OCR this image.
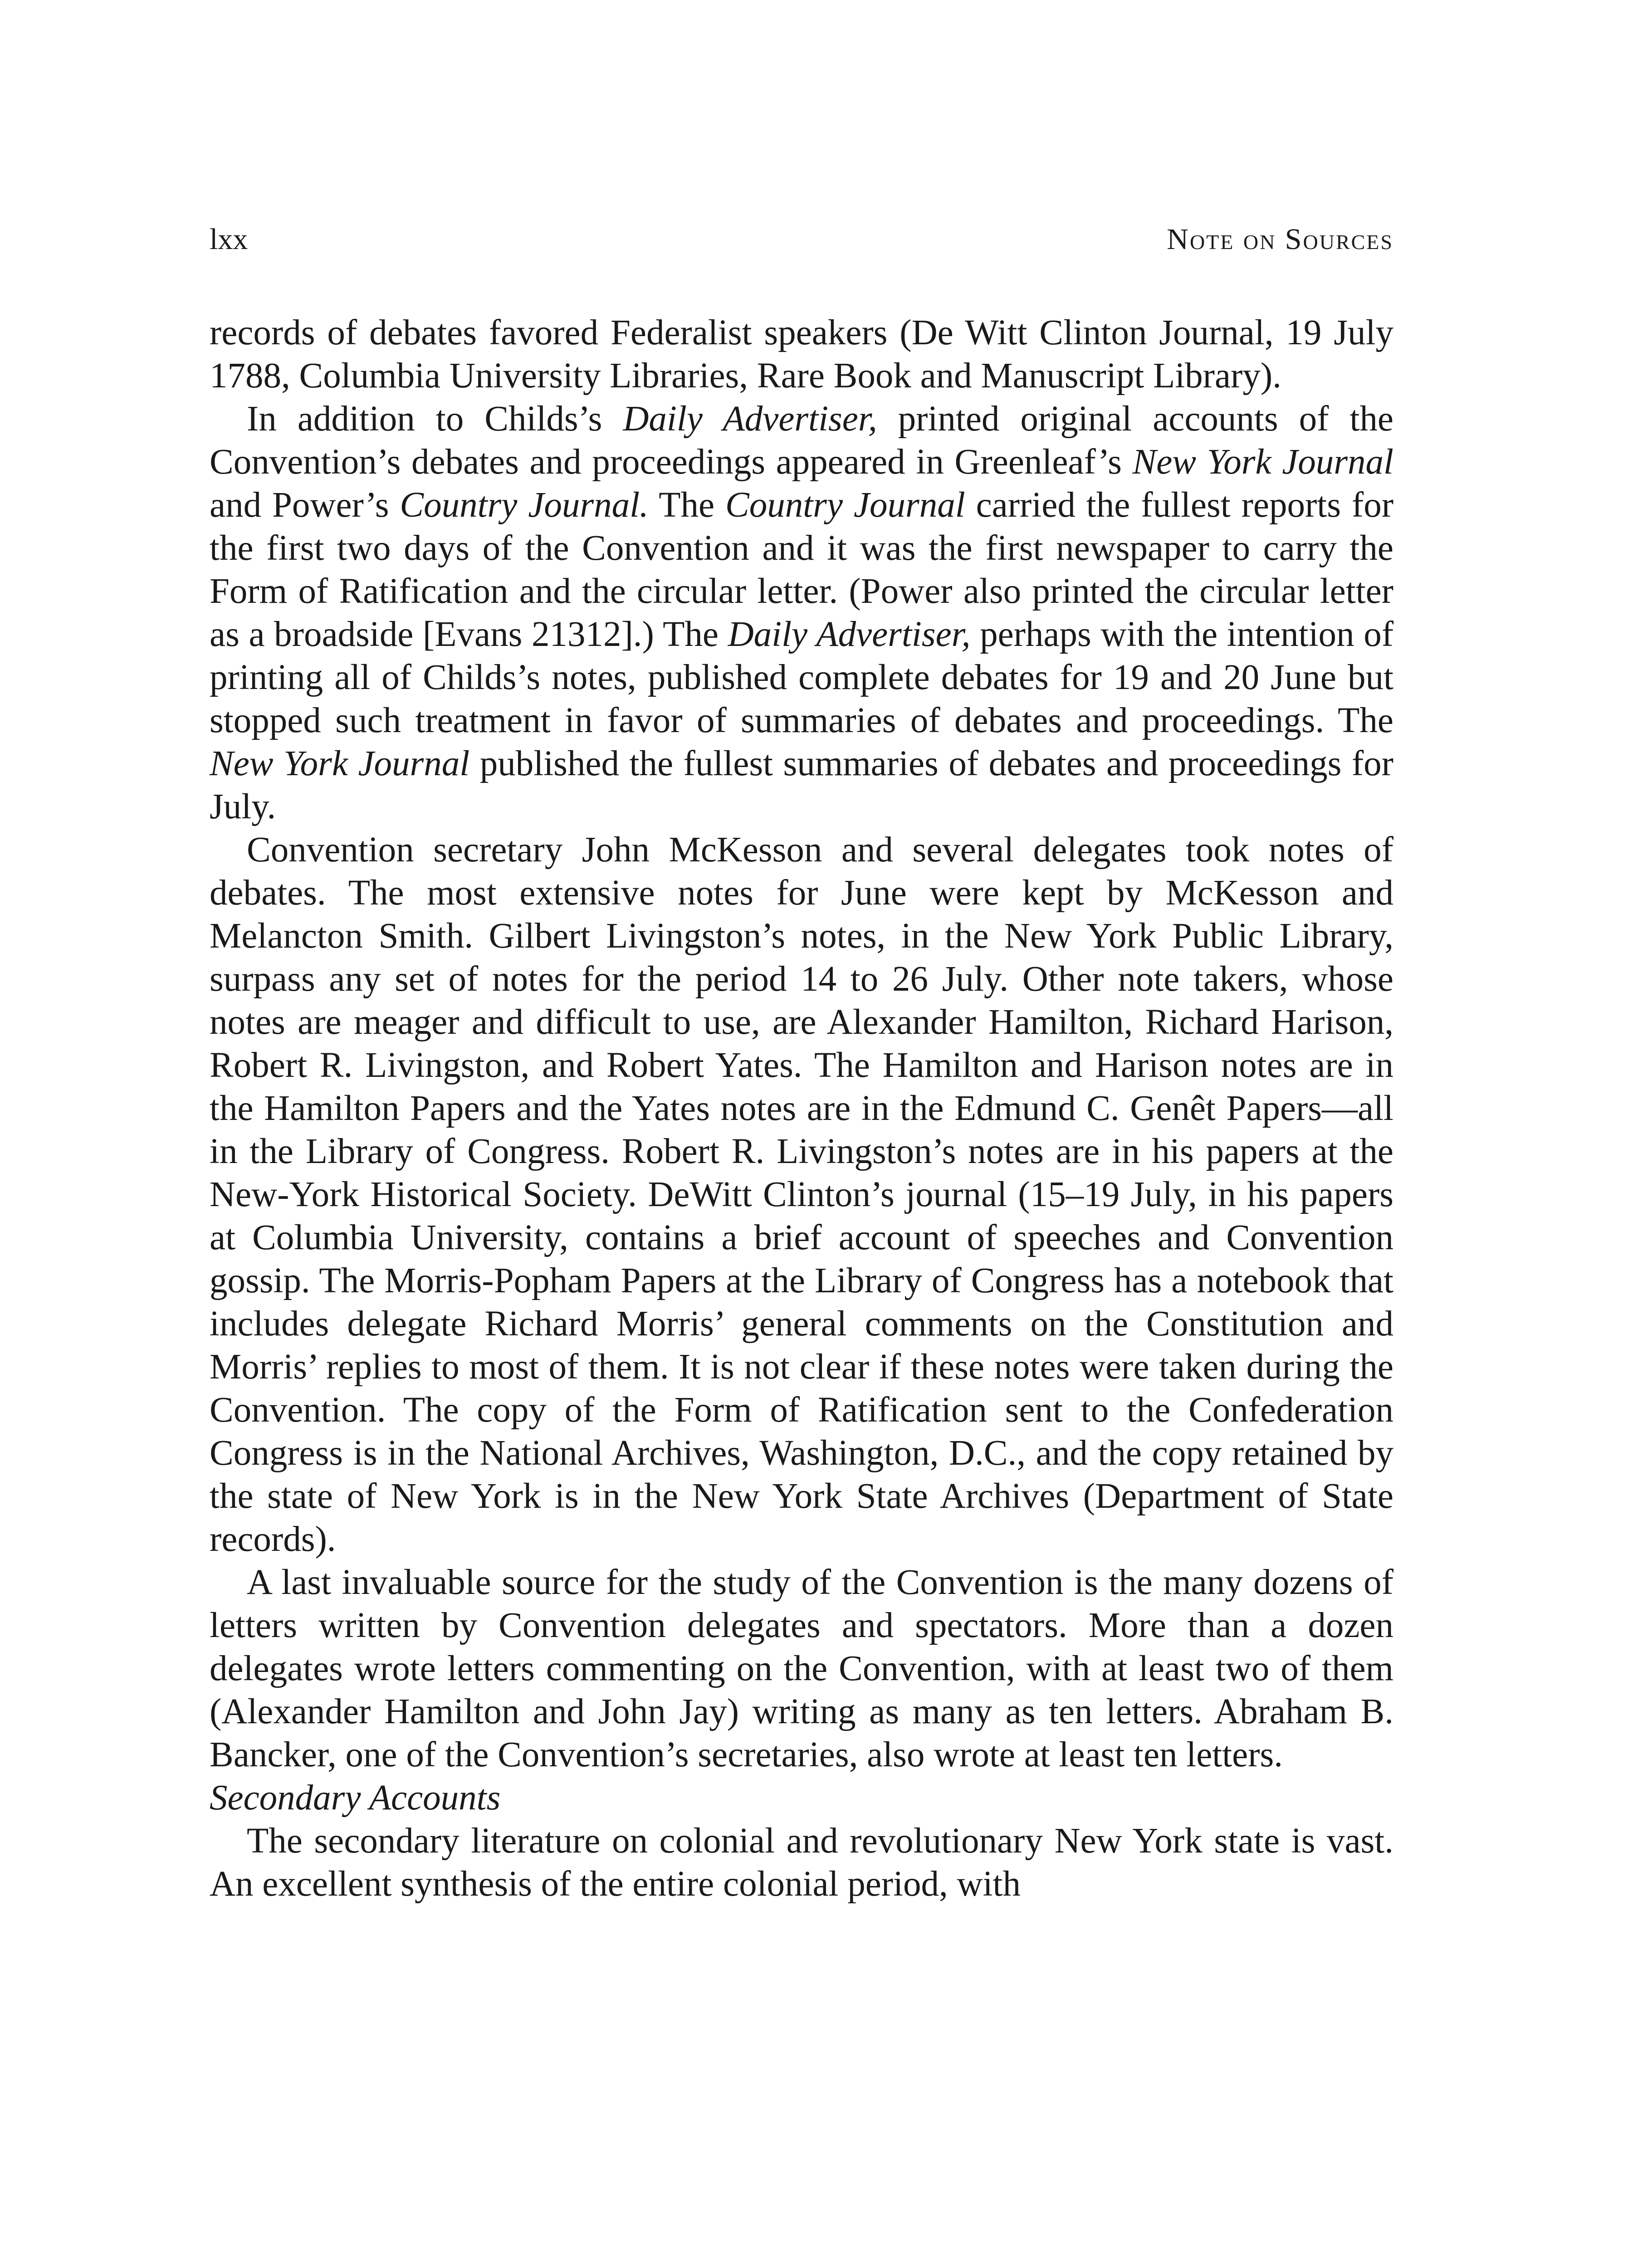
lxx	Note on Sources

records of debates favored Federalist speakers (De Witt Clinton Journal, 19 July 1788, Columbia University Libraries, Rare Book and Manuscript Library).

In addition to Childs’s Daily Advertiser, printed original accounts of the Convention’s debates and proceedings appeared in Greenleaf’s New York Journal and Power’s Country Journal. The Country Journal carried the fullest reports for the first two days of the Convention and it was the first newspaper to carry the Form of Ratification and the circular letter. (Power also printed the circular letter as a broadside [Evans 21312].) The Daily Advertiser, perhaps with the intention of printing all of Childs’s notes, published complete debates for 19 and 20 June but stopped such treatment in favor of summaries of debates and proceedings. The New York Journal published the fullest summaries of debates and proceedings for July.

Convention secretary John McKesson and several delegates took notes of debates. The most extensive notes for June were kept by McKesson and Melancton Smith. Gilbert Livingston’s notes, in the New York Public Library, surpass any set of notes for the period 14 to 26 July. Other note takers, whose notes are meager and difficult to use, are Alexander Hamilton, Richard Harison, Robert R. Livingston, and Robert Yates. The Hamilton and Harison notes are in the Hamilton Papers and the Yates notes are in the Edmund C. Genêt Papers—all in the Library of Congress. Robert R. Livingston’s notes are in his papers at the New-York Historical Society. DeWitt Clinton’s journal (15–19 July, in his papers at Columbia University, contains a brief account of speeches and Convention gossip. The Morris-Popham Papers at the Library of Congress has a notebook that includes delegate Richard Morris’ general comments on the Constitution and Morris’ replies to most of them. It is not clear if these notes were taken during the Convention. The copy of the Form of Ratification sent to the Confederation Congress is in the National Archives, Washington, D.C., and the copy retained by the state of New York is in the New York State Archives (Department of State records).

A last invaluable source for the study of the Convention is the many dozens of letters written by Convention delegates and spectators. More than a dozen delegates wrote letters commenting on the Convention, with at least two of them (Alexander Hamilton and John Jay) writing as many as ten letters. Abraham B. Bancker, one of the Convention’s secretaries, also wrote at least ten letters.

Secondary Accounts

The secondary literature on colonial and revolutionary New York state is vast. An excellent synthesis of the entire colonial period, with
